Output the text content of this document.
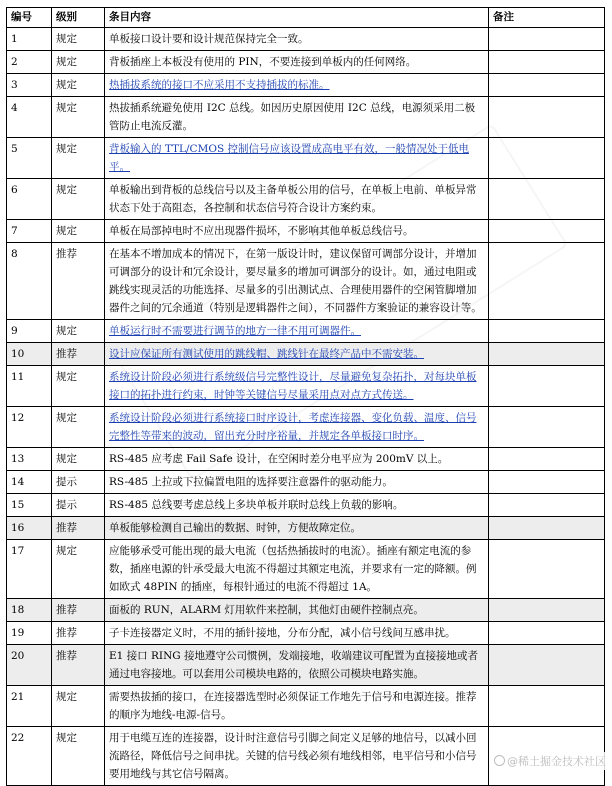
编号	级别	条目内容	备注
1	规定	单板接口设计要和设计规范保持完全一致。	
2	规定	背板插座上本板没有使用的 PIN，不要连接到单板内的任何网络。	
3	规定	热插拔系统的接口不应采用不支持插拔的标准。	
4	规定	热拔插系统避免使用 I2C 总线。如因历史原因使用 I2C 总线，电源须采用二极管防止电流反灌。	
5	规定	背板输入的 TTL/CMOS 控制信号应该设置成高电平有效，一般情况处于低电平。	
6	规定	单板输出到背板的总线信号以及主备单板公用的信号，在单板上电前、单板异常状态下处于高阻态，各控制和状态信号符合设计方案约束。	
7	规定	单板在局部掉电时不应出现器件损坏，不影响其他单板总线信号。	
8	推荐	在基本不增加成本的情况下，在第一版设计时，建议保留可调部分设计，并增加可调部分的设计和冗余设计，要尽量多的增加可调部分的设计。如，通过电阻或跳线实现灵活的功能选择、尽量多的引出测试点、合理使用器件的空闲管脚增加器件之间的冗余通道（特别是逻辑器件之间），不同器件方案验证的兼容设计等。	
9	规定	单板运行时不需要进行调节的地方一律不用可调器件。	
10	推荐	设计应保证所有测试使用的跳线帽、跳线针在最终产品中不需安装。	
11	规定	系统设计阶段必须进行系统级信号完整性设计，尽量避免复杂拓扑，对每块单板接口的拓扑进行约束，时钟等关键信号尽量采用点对点方式传送。	
12	规定	系统设计阶段必须进行系统接口时序设计，考虑连接器、变化负载、温度、信号完整性等带来的波动，留出充分时序裕量，并规定各单板接口时序。	
13	规定	RS-485 应考虑 Fail Safe 设计，在空闲时差分电平应为 200mV 以上。	
14	提示	RS-485 上拉或下拉偏置电阻的选择要注意器件的驱动能力。	
15	提示	RS-485 总线要考虑总线上多块单板并联时总线上负载的影响。	
16	推荐	单板能够检测自己输出的数据、时钟，方便故障定位。	
17	规定	应能够承受可能出现的最大电流（包括热插拔时的电流）。插座有额定电流的参数，插座电源的针承受最大电流不得超过其额定电流，并要求有一定的降额。例如欧式 48PIN 的插座，每根针通过的电流不得超过 1A。	
18	推荐	面板的 RUN，ALARM 灯用软件来控制，其他灯由硬件控制点亮。	
19	推荐	子卡连接器定义时，不用的插针接地，分布分配，减小信号线间互感串扰。	
20	推荐	E1 接口 RING 接地遵守公司惯例，发端接地，收端建议可配置为直接接地或者通过电容接地。可以套用公司模块电路的，依照公司模块电路实施。	
21	规定	需要热拔插的接口，在连接器选型时必须保证工作地先于信号和电源连接。推荐的顺序为地线-电源-信号。	
22	规定	用于电缆互连的连接器，设计时注意信号引脚之间定义足够的地信号，以减小回流路径，降低信号之间串扰。关键的信号线必须有地线相邻，电平信号和小信号要用地线与其它信号隔离。	
@稀土掘金技术社区
